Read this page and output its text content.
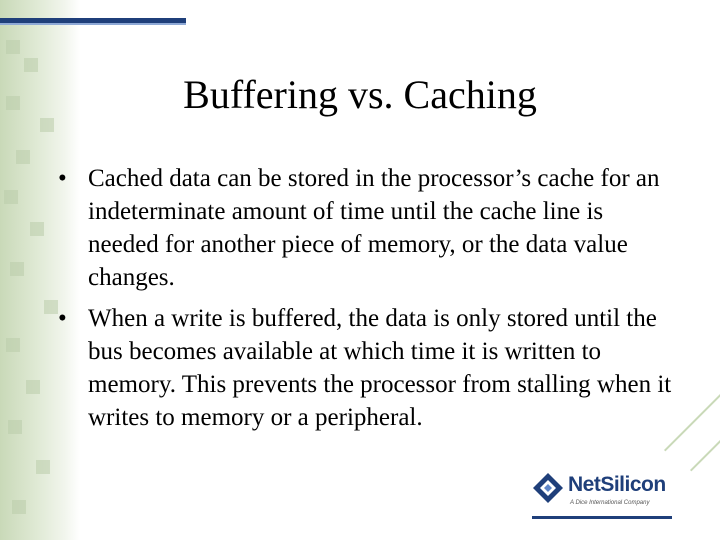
Buffering vs. Caching
• Cached data can be stored in the processor’s cache for an indeterminate amount of time until the cache line is needed for another piece of memory, or the data value changes.
• When a write is buffered, the data is only stored until the bus becomes available at which time it is written to memory. This prevents the processor from stalling when it writes to memory or a peripheral.
NetSilicon
A Dice International Company
